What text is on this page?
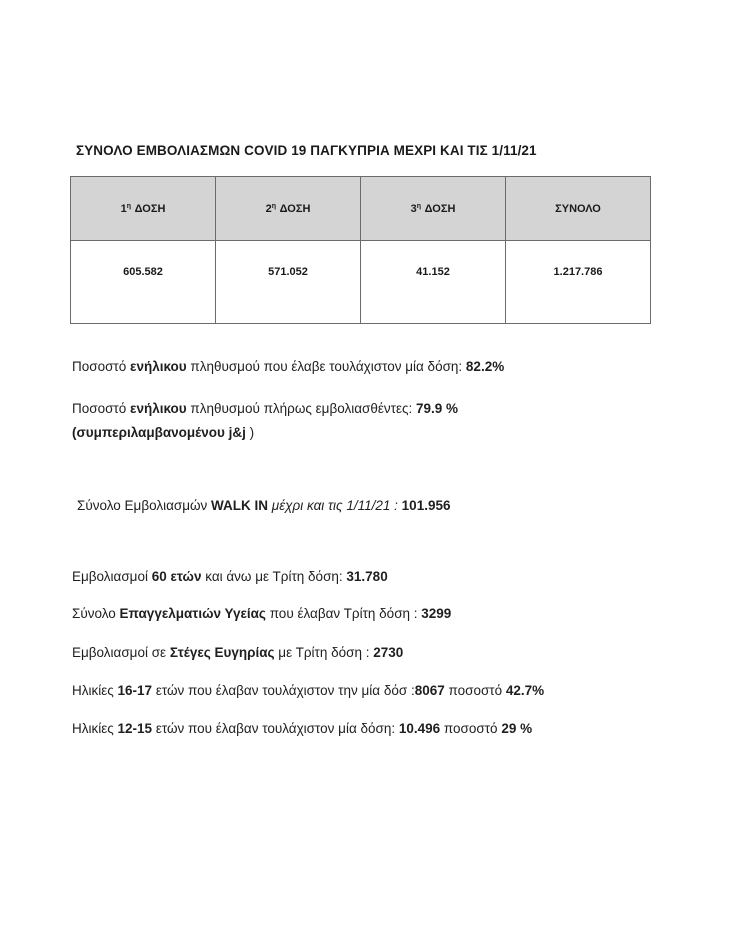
ΣΥΝΟΛΟ ΕΜΒΟΛΙΑΣΜΩΝ COVID 19 ΠΑΓΚΥΠΡΙΑ ΜΕΧΡΙ ΚΑΙ ΤΙΣ 1/11/21
$1^\eta$ ΔΟΣΗ	$2^\eta$ ΔΟΣΗ	$3^\eta$ ΔΟΣΗ	ΣΥΝΟΛΟ
605.582	571.052	41.152	1.217.786
Ποσοστό ενήλικου πληθυσμού που έλαβε τουλάχιστον μία δόση: 82.2%
Ποσοστό ενήλικου πληθυσμού πλήρως εμβολιασθέντες: 79.9 %
(συμπεριλαμβανομένου j&j )
Σύνολο Εμβολιασμών WALK IN μέχρι και τις 1/11/21 : 101.956
Εμβολιασμοί 60 ετών και άνω με Τρίτη δόση: 31.780
Σύνολο Επαγγελματιών Υγείας που έλαβαν Τρίτη δόση : 3299
Εμβολιασμοί σε Στέγες Ευγηρίας με Τρίτη δόση : 2730
Ηλικίες 16-17 ετών που έλαβαν τουλάχιστον την μία δόσ :8067 ποσοστό 42.7%
Ηλικίες 12-15 ετών που έλαβαν τουλάχιστον μία δόση: 10.496 ποσοστό 29 %
